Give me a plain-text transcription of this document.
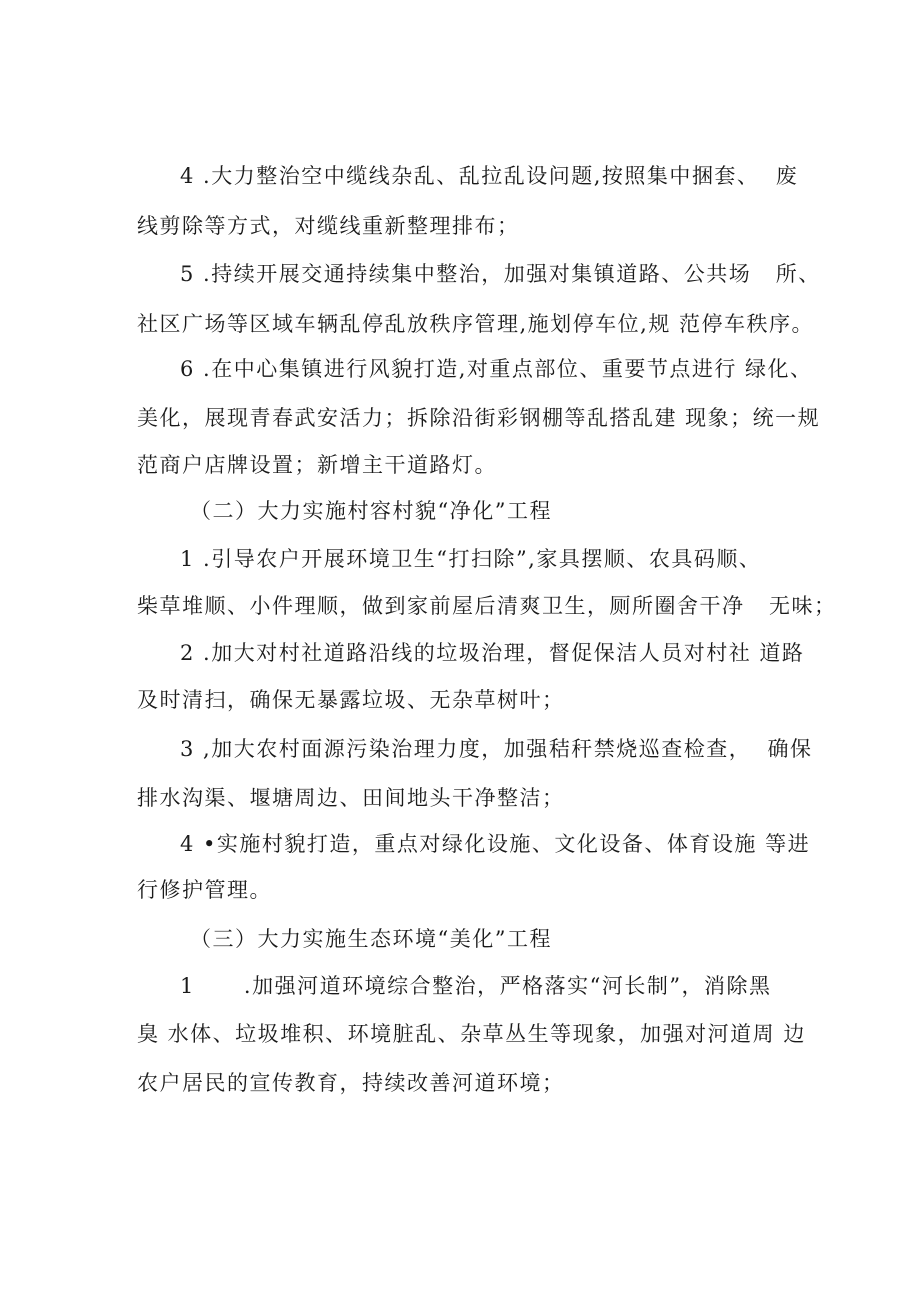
4 .大力整治空中缆线杂乱、乱拉乱设问题,按照集中捆套、  废
线剪除等方式，对缆线重新整理排布；
5 .持续开展交通持续集中整治，加强对集镇道路、公共场   所、
社区广场等区域车辆乱停乱放秩序管理,施划停车位,规 范停车秩序。
6 .在中心集镇进行风貌打造,对重点部位、重要节点进行 绿化、
美化，展现青春武安活力；拆除沿街彩钢棚等乱搭乱建 现象；统一规
范商户店牌设置；新增主干道路灯。
（二）大力实施村容村貌“净化”工程
1 .引导农户开展环境卫生“打扫除”,家具摆顺、农具码顺、
柴草堆顺、小件理顺，做到家前屋后清爽卫生，厕所圈舍干净   无味；
2 .加大对村社道路沿线的垃圾治理，督促保洁人员对村社 道路
及时清扫，确保无暴露垃圾、无杂草树叶；
3 ,加大农村面源污染治理力度，加强秸秆禁烧巡查检查，  确保
排水沟渠、堰塘周边、田间地头干净整洁；
4 •实施村貌打造，重点对绿化设施、文化设备、体育设施 等进
行修护管理。
（三）大力实施生态环境“美化”工程
1      .加强河道环境综合整治，严格落实“河长制”，消除黑
臭 水体、垃圾堆积、环境脏乱、杂草丛生等现象，加强对河道周 边
农户居民的宣传教育，持续改善河道环境；
